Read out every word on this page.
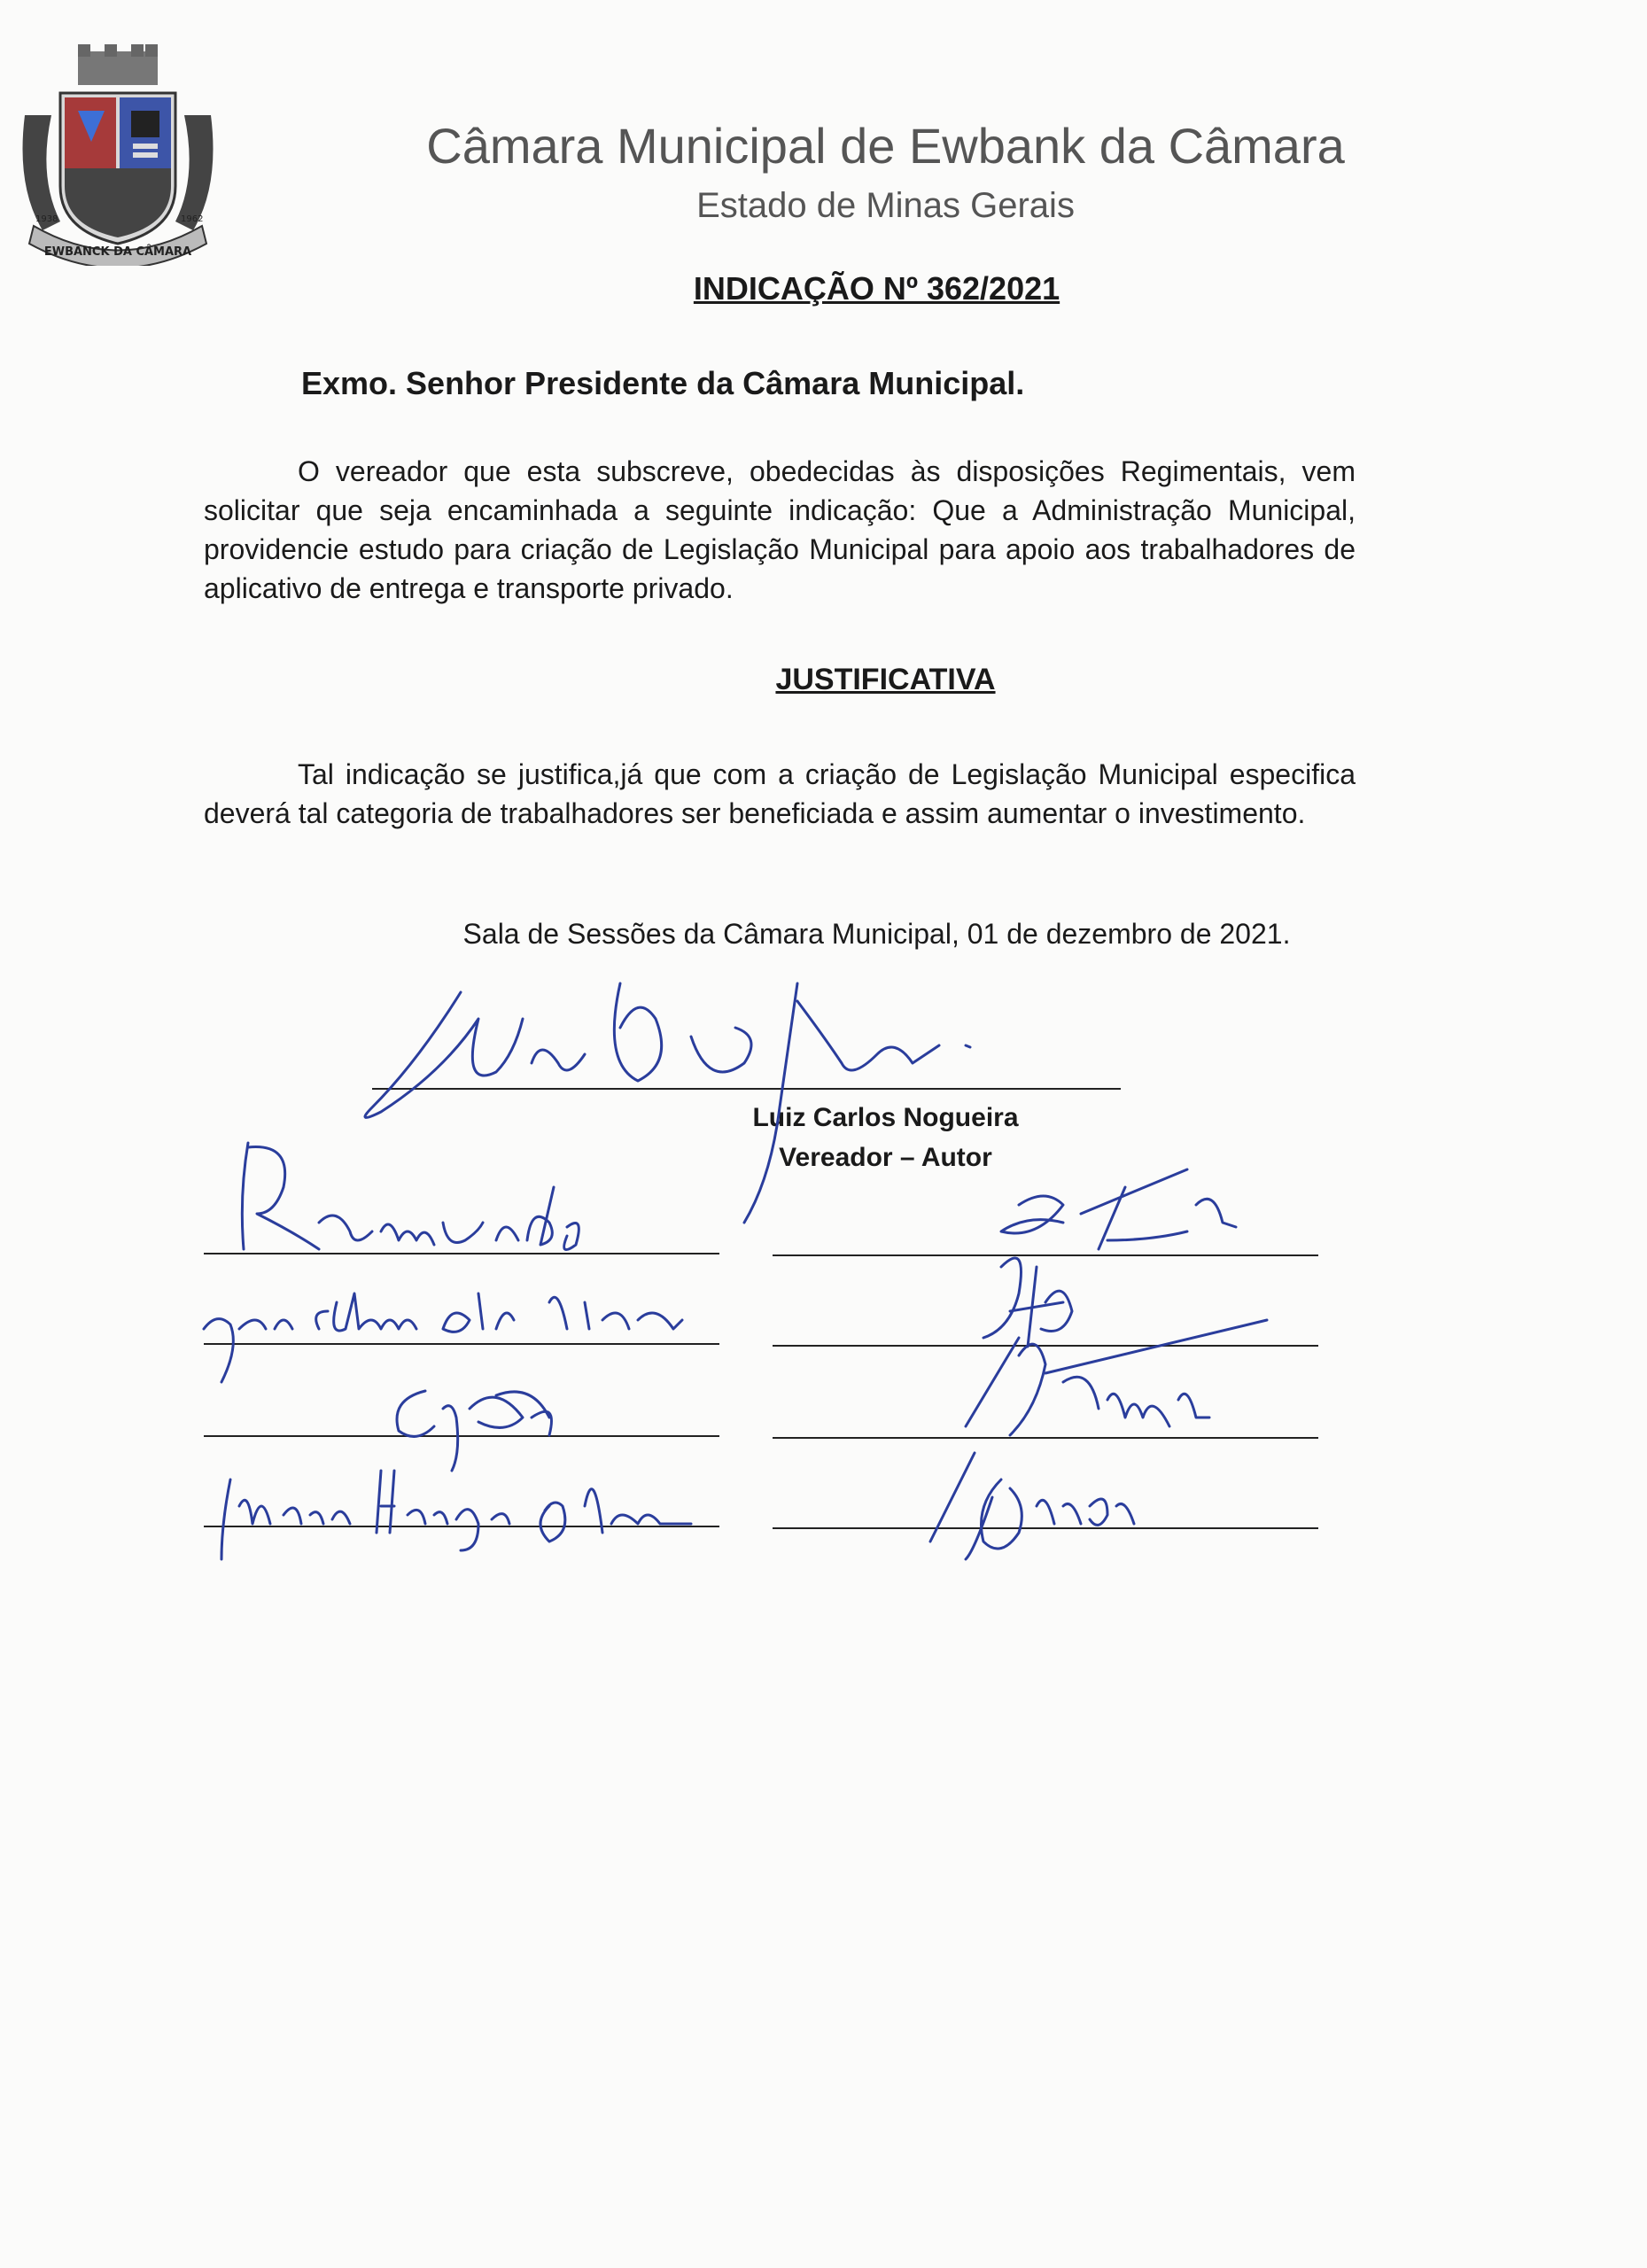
EWBANCK DA CÂMARA
1938	1962
Câmara Municipal de Ewbank da Câmara
Estado de Minas Gerais
INDICAÇÃO Nº 362/2021
Exmo. Senhor Presidente da Câmara Municipal.
O vereador que esta subscreve, obedecidas às disposições Regimentais, vem solicitar que seja encaminhada a seguinte indicação: Que a Administração Municipal, providencie estudo para criação de Legislação Municipal para apoio aos trabalhadores de aplicativo de entrega e transporte privado.
JUSTIFICATIVA
Tal indicação se justifica,já que com a criação de Legislação Municipal especifica deverá tal categoria de trabalhadores ser beneficiada e assim aumentar o investimento.
Sala de Sessões da Câmara Municipal, 01 de dezembro de 2021.
Luiz Carlos Nogueira
Vereador – Autor
